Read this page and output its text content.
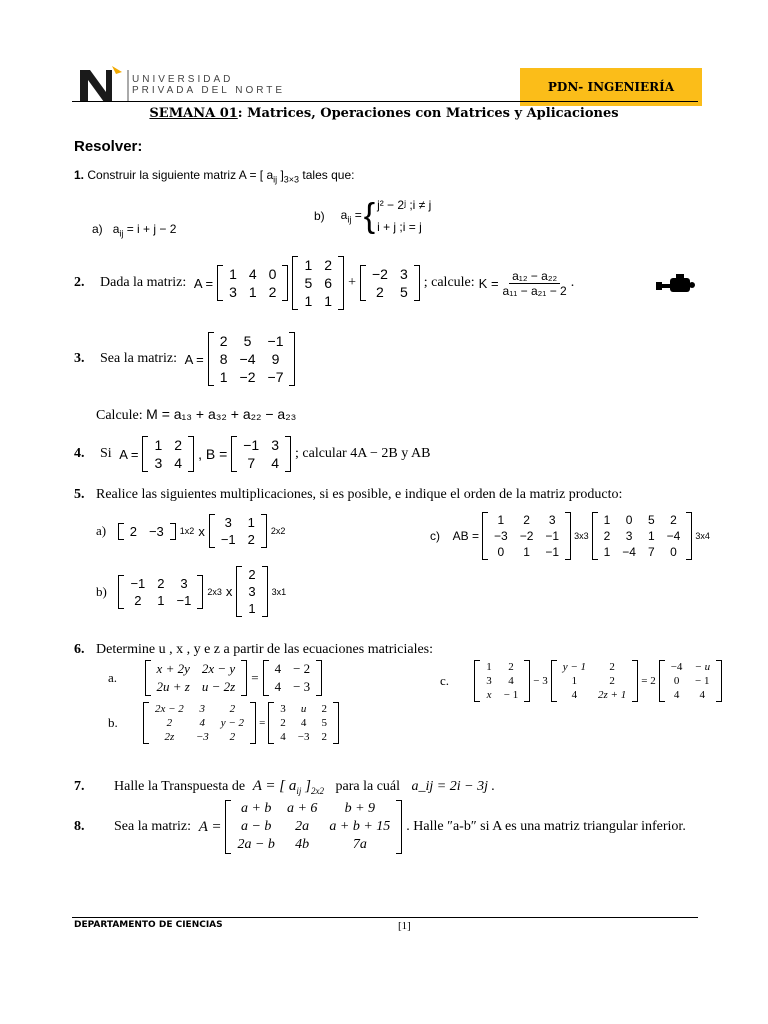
UNIVERSIDAD
PRIVADA DEL NORTE	PDN- INGENIERÍA
SEMANA 01: Matrices, Operaciones con Matrices y Aplicaciones
Resolver:
1. Construir la siguiente matriz A = [ $a_{ij}$ ]$_{3\times 3}$ tales que:
a) $a_{ij} = i + j - 2$
b) $a_{ij}$ = { j² − 2ʲ ;i ≠ j
i + j ;i = j
2.	Dada la matriz: A =
1	4	0
3	1	2
1	2
5	6
1	1
+
−2	3
2	5
; calcule: $K = \frac{\text{a₁₂ − a₂₂}}{\text{a₁₁ − a₂₁ − 2}}$ .
3.	Sea la matriz: A =
2	5	−1
8	−4	9
1	−2	−7
Calcule: M = a₁₃ + a₃₂ + a₂₂ − a₂₃
4.	Si A =
1	2
3	4
, B =
−1	3
7	4
; calcular 4A − 2B y AB
5. Realice las siguientes multiplicaciones, si es posible, e indique el orden de la matriz producto:
a)
2	−3 1x2 x
3	1
−1	2
2x2	c)
AB =
1	2	3
−3	−2	−1
0	1	−1
3x3
1	0	5	2
2	3	1	−4
1	−4	7	0
3x4
b)

−1	2	3
2	1	−1
2x3 x
2
3
1
3x1
6. Determine u , x , y e z a partir de las ecuaciones matriciales:
a.

x + 2y	2x − y
2u + z	u − 2z
=
4	− 2
4	− 3
b.

2x − 2	3	2
2	4	y − 2
2z	−3	2
=
3	u	2
2	4	5
4	−3	2
c.

1	2
3	4
x	− 1
− 3
y − 1	2
1	2
4	2z + 1
= 2
−4	− u
0	− 1
4	4
7.	Halle la Transpuesta de A = [ $a_{ij}$ ]$_{2x2}$
para la cuál
a_ij = 2i − 3j .
8.	Sea la matriz: A =
a + b	a + 6	b + 9
a − b	2a	a + b + 15
2a − b	4b	7a
. Halle ″a-b″ si A es una matriz triangular inferior.
DEPARTAMENTO DE CIENCIAS	[1]
